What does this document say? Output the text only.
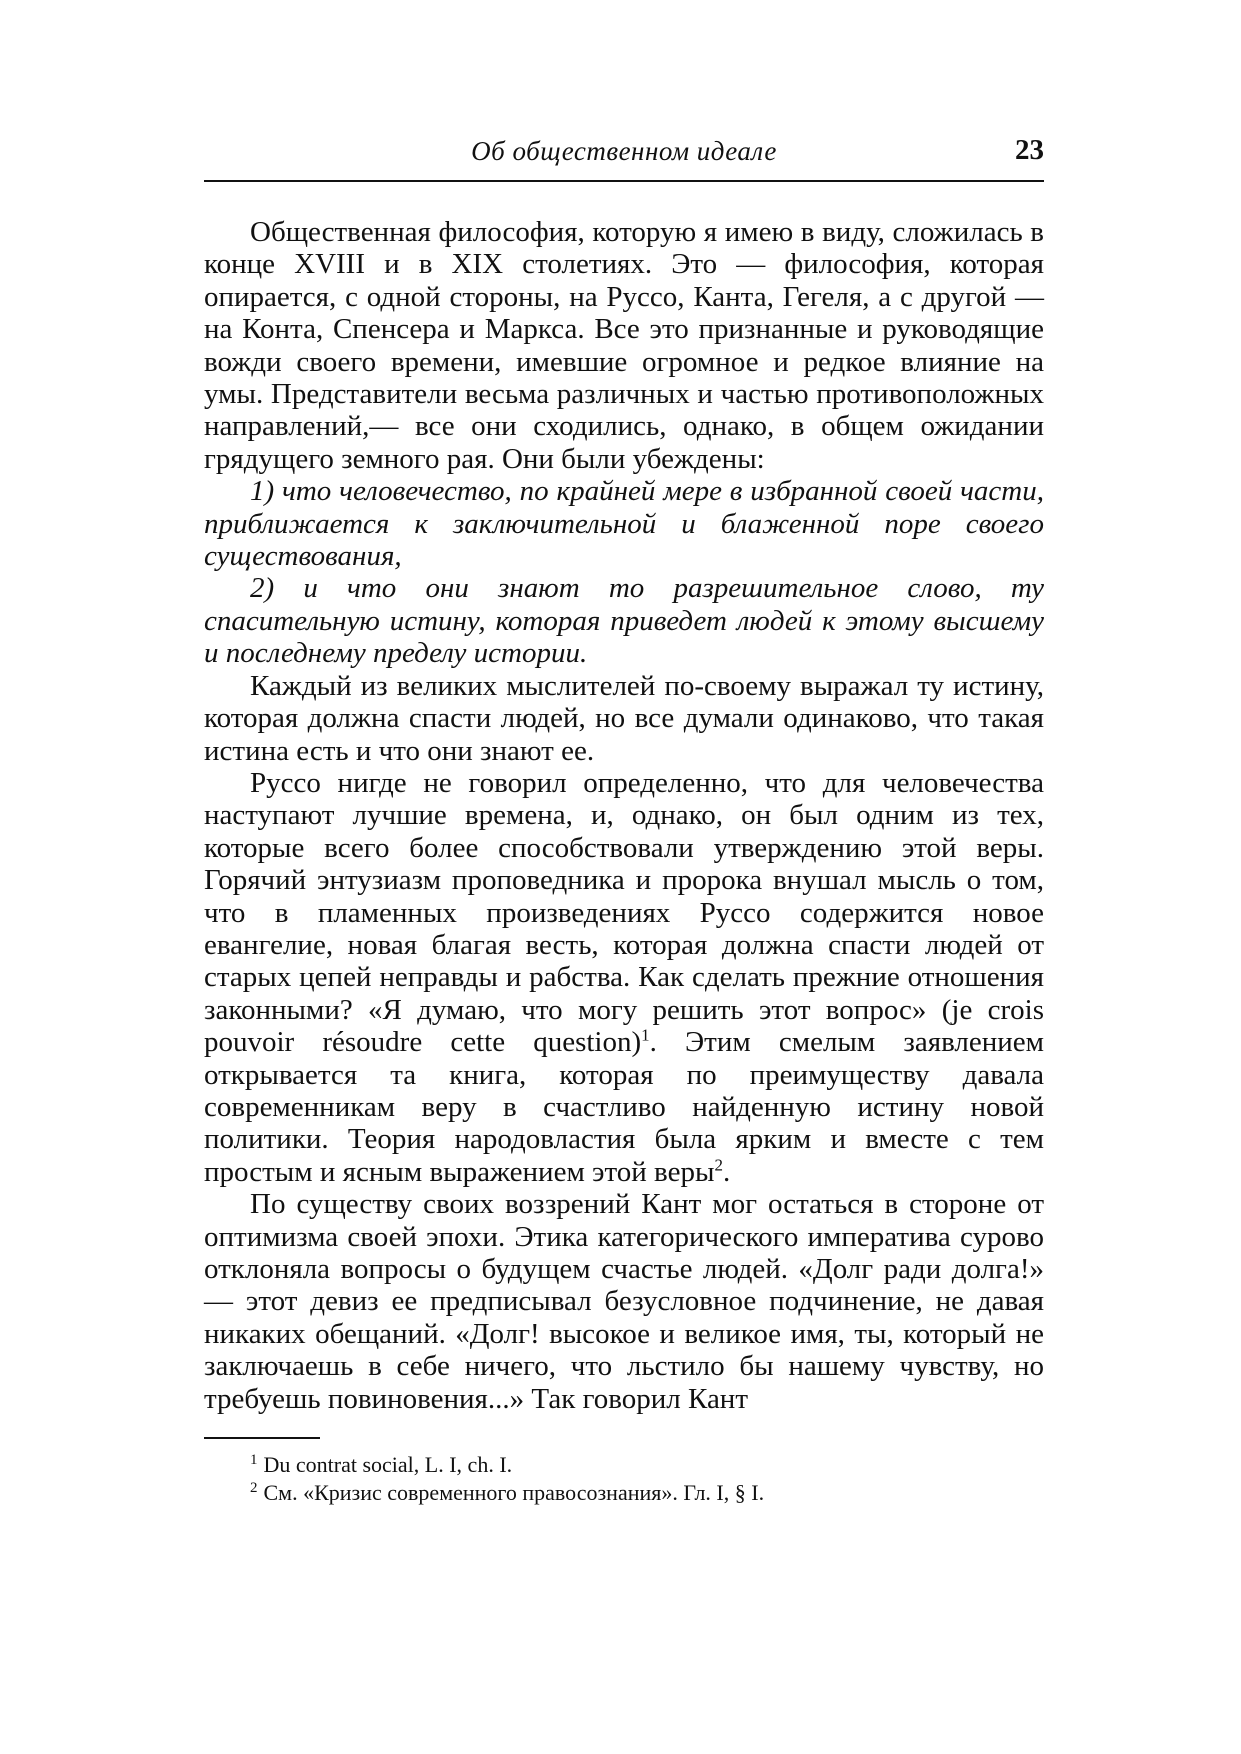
Об общественном идеале	23

Общественная философия, которую я имею в виду, сложилась в конце XVIII и в XIX столетиях. Это — философия, которая опирается, с одной стороны, на Руссо, Канта, Гегеля, а с другой — на Конта, Спенсера и Маркса. Все это признанные и руководящие вожди своего времени, имевшие огромное и редкое влияние на умы. Представители весьма различных и частью противоположных направлений,— все они сходились, однако, в общем ожидании грядущего земного рая. Они были убеждены:

1) что человечество, по крайней мере в избранной своей части, приближается к заключительной и блаженной поре своего существования,

2) и что они знают то разрешительное слово, ту спасительную истину, которая приведет людей к этому высшему и последнему пределу истории.

Каждый из великих мыслителей по-своему выражал ту истину, которая должна спасти людей, но все думали одинаково, что такая истина есть и что они знают ее.

Руссо нигде не говорил определенно, что для человечества наступают лучшие времена, и, однако, он был одним из тех, которые всего более способствовали утверждению этой веры. Горячий энтузиазм проповедника и пророка внушал мысль о том, что в пламенных произведениях Руссо содержится новое евангелие, новая благая весть, которая должна спасти людей от старых цепей неправды и рабства. Как сделать прежние отношения законными? «Я думаю, что могу решить этот вопрос» (je crois pouvoir résoudre cette question)$^1$. Этим смелым заявлением открывается та книга, которая по преимуществу давала современникам веру в счастливо найденную истину новой политики. Теория народовластия была ярким и вместе с тем простым и ясным выражением этой веры$^2$.

По существу своих воззрений Кант мог остаться в стороне от оптимизма своей эпохи. Этика категорического императива сурово отклоняла вопросы о будущем счастье людей. «Долг ради долга!» — этот девиз ее предписывал безусловное подчинение, не давая никаких обещаний. «Долг! высокое и великое имя, ты, который не заключаешь в себе ничего, что льстило бы нашему чувству, но требуешь повиновения...» Так говорил Кант

$^1$ Du contrat social, L. I, ch. I.

$^2$ См. «Кризис современного правосознания». Гл. I, § I.
